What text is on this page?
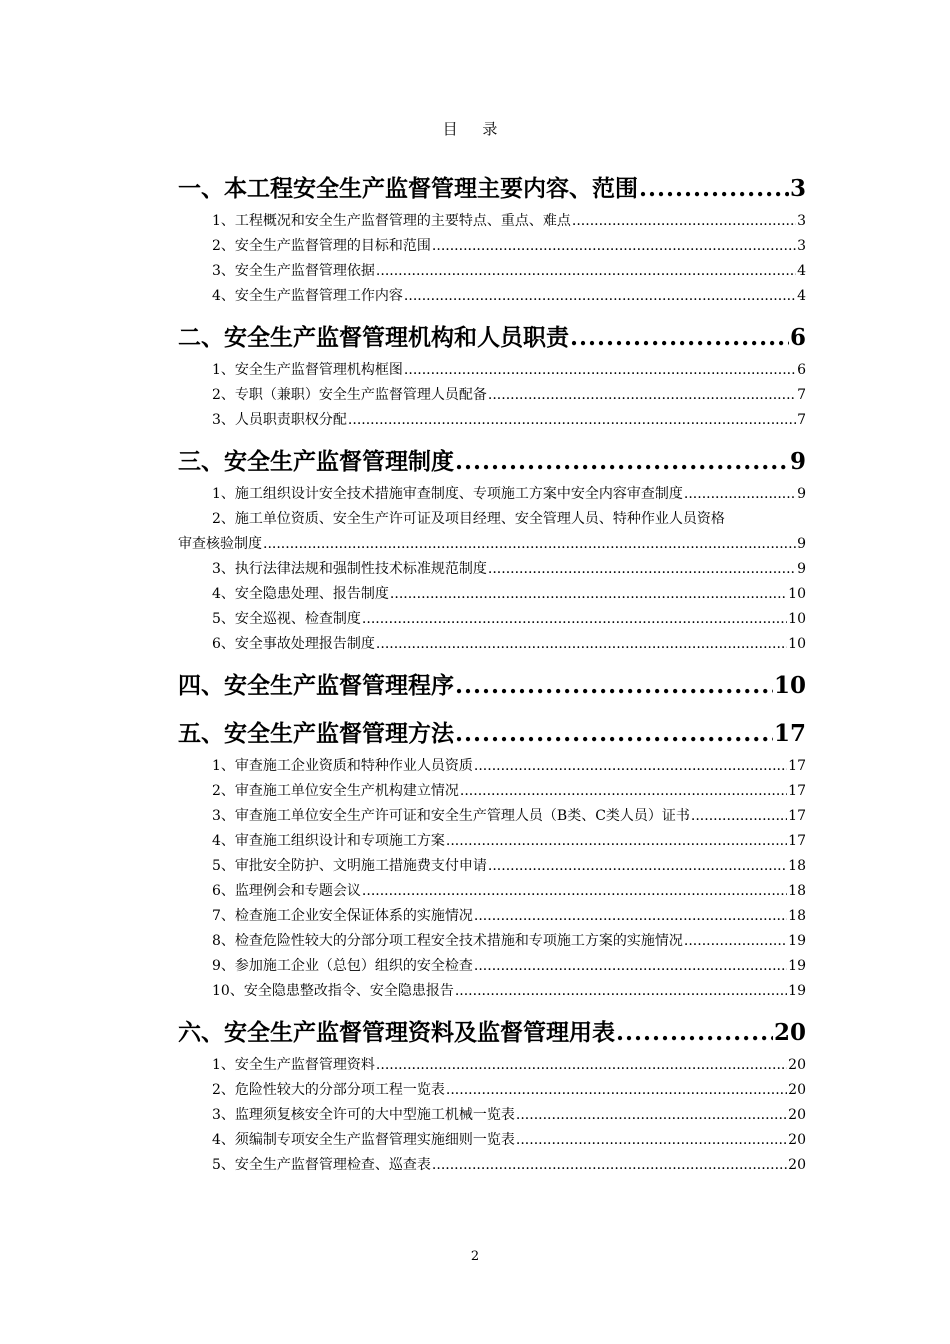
目 录
一、本工程安全生产监督管理主要内容、范围 .....	3
1、工程概况和安全生产监督管理的主要特点、重点、难点 .....	3
2、安全生产监督管理的目标和范围 .....	3
3、安全生产监督管理依据 .....	4
4、安全生产监督管理工作内容 .....	4
二、安全生产监督管理机构和人员职责 .....	6
1、安全生产监督管理机构框图 .....	6
2、专职（兼职）安全生产监督管理人员配备 .....	7
3、人员职责职权分配 .....	7
三、安全生产监督管理制度 .....	9
1、施工组织设计安全技术措施审查制度、专项施工方案中安全内容审查制度 .....	9
2、施工单位资质、安全生产许可证及项目经理、安全管理人员、特种作业人员资格
审查核验制度 .....	9
3、执行法律法规和强制性技术标准规范制度 .....	9
4、安全隐患处理、报告制度 .....	10
5、安全巡视、检查制度 .....	10
6、安全事故处理报告制度 .....	10
四、安全生产监督管理程序 .....	10
五、安全生产监督管理方法 .....	17
1、审查施工企业资质和特种作业人员资质 .....	17
2、审查施工单位安全生产机构建立情况 .....	17
3、审查施工单位安全生产许可证和安全生产管理人员（B类、C类人员）证书 .....	17
4、审查施工组织设计和专项施工方案 .....	17
5、审批安全防护、文明施工措施费支付申请 .....	18
6、监理例会和专题会议 .....	18
7、检查施工企业安全保证体系的实施情况 .....	18
8、检查危险性较大的分部分项工程安全技术措施和专项施工方案的实施情况 .....	19
9、参加施工企业（总包）组织的安全检查 .....	19
10、安全隐患整改指令、安全隐患报告 .....	19
六、安全生产监督管理资料及监督管理用表 .....	20
1、安全生产监督管理资料 .....	20
2、危险性较大的分部分项工程一览表 .....	20
3、监理须复核安全许可的大中型施工机械一览表 .....	20
4、须编制专项安全生产监督管理实施细则一览表 .....	20
5、安全生产监督管理检查、巡查表 .....	20
2
